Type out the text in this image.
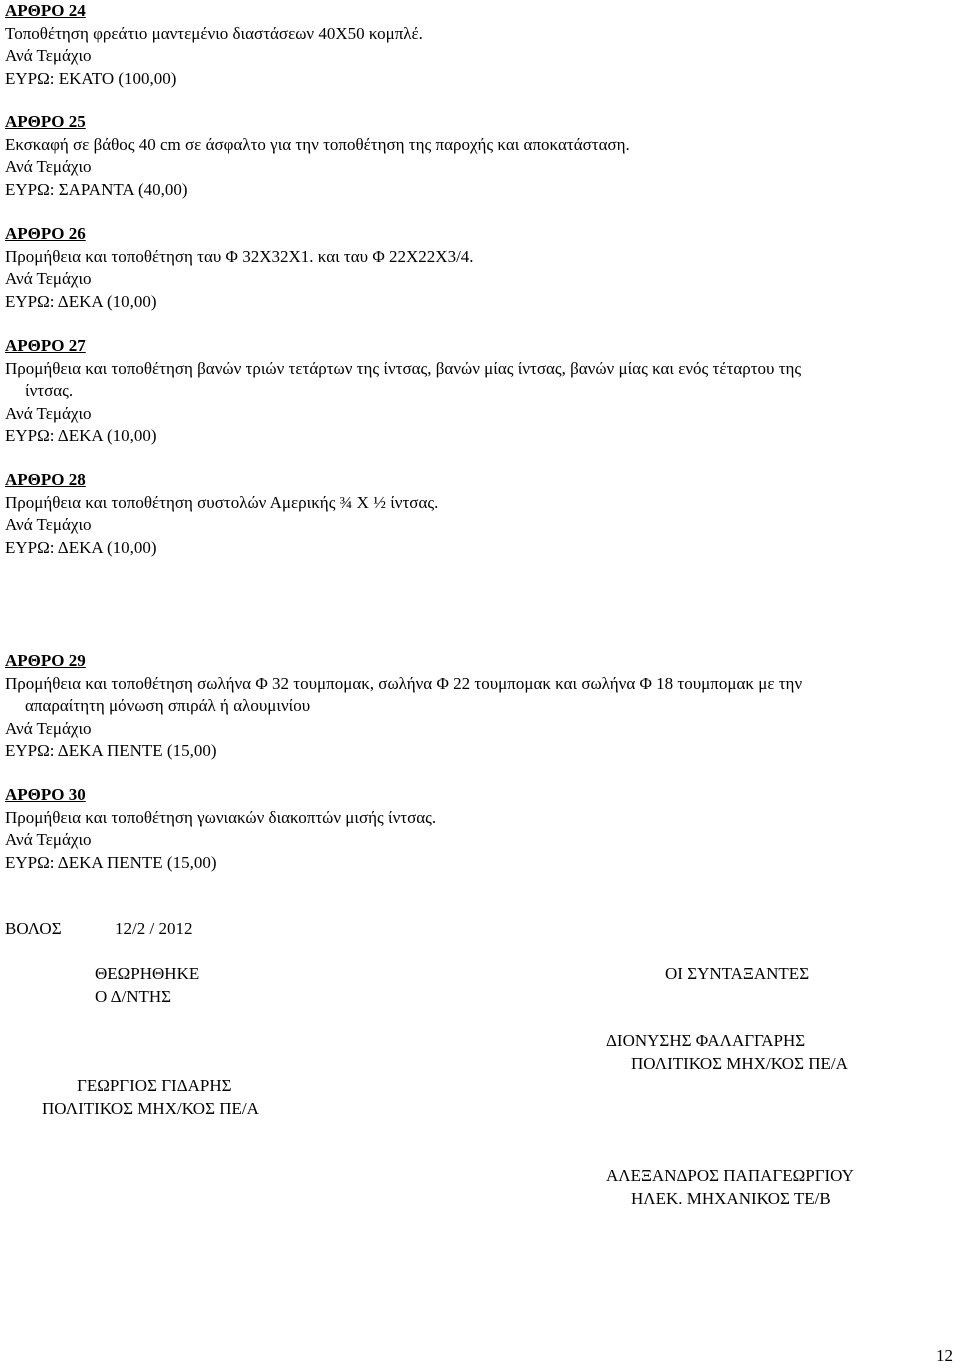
ΑΡΘΡΟ 24
Τοποθέτηση φρεάτιο μαντεμένιο διαστάσεων 40Χ50 κομπλέ.
Ανά Τεμάχιο
ΕΥΡΩ: ΕΚΑΤΟ (100,00)
ΑΡΘΡΟ 25
Εκσκαφή σε βάθος 40 cm σε άσφαλτο για την τοποθέτηση της παροχής και αποκατάσταση.
Ανά Τεμάχιο
ΕΥΡΩ: ΣΑΡΑΝΤΑ (40,00)
ΑΡΘΡΟ 26
Προμήθεια και τοποθέτηση ταυ Φ 32Χ32Χ1. και ταυ Φ 22Χ22Χ3/4.
Ανά Τεμάχιο
ΕΥΡΩ: ΔΕΚΑ (10,00)
ΑΡΘΡΟ 27
Προμήθεια και τοποθέτηση βανών τριών τετάρτων της ίντσας, βανών μίας ίντσας, βανών μίας και ενός τέταρτου της
ίντσας.
Ανά Τεμάχιο
ΕΥΡΩ: ΔΕΚΑ (10,00)
ΑΡΘΡΟ 28
Προμήθεια και τοποθέτηση συστολών Αμερικής ¾ Χ ½ ίντσας.
Ανά Τεμάχιο
ΕΥΡΩ: ΔΕΚΑ (10,00)
ΑΡΘΡΟ 29
Προμήθεια και τοποθέτηση σωλήνα Φ 32 τουμπομακ, σωλήνα Φ 22 τουμπομακ και σωλήνα Φ 18 τουμπομακ με την
απαραίτητη μόνωση σπιράλ ή αλουμινίου
Ανά Τεμάχιο
ΕΥΡΩ: ΔΕΚΑ ΠΕΝΤΕ (15,00)
ΑΡΘΡΟ 30
Προμήθεια και τοποθέτηση γωνιακών διακοπτών μισής ίντσας.
Ανά Τεμάχιο
ΕΥΡΩ: ΔΕΚΑ ΠΕΝΤΕ (15,00)
ΒΟΛΟΣ	12/2 / 2012
ΘΕΩΡΗΘΗΚΕ
Ο Δ/ΝΤΗΣ
ΟΙ ΣΥΝΤΑΞΑΝΤΕΣ
ΔΙΟΝΥΣΗΣ ΦΑΛΑΓΓΑΡΗΣ
ΠΟΛΙΤΙΚΟΣ ΜΗΧ/ΚΟΣ ΠΕ/Α
ΓΕΩΡΓΙΟΣ ΓΙΔΑΡΗΣ
ΠΟΛΙΤΙΚΟΣ ΜΗΧ/ΚΟΣ ΠΕ/Α
ΑΛΕΞΑΝΔΡΟΣ ΠΑΠΑΓΕΩΡΓΙΟΥ
ΗΛΕΚ. ΜΗΧΑΝΙΚΟΣ ΤΕ/Β
12
